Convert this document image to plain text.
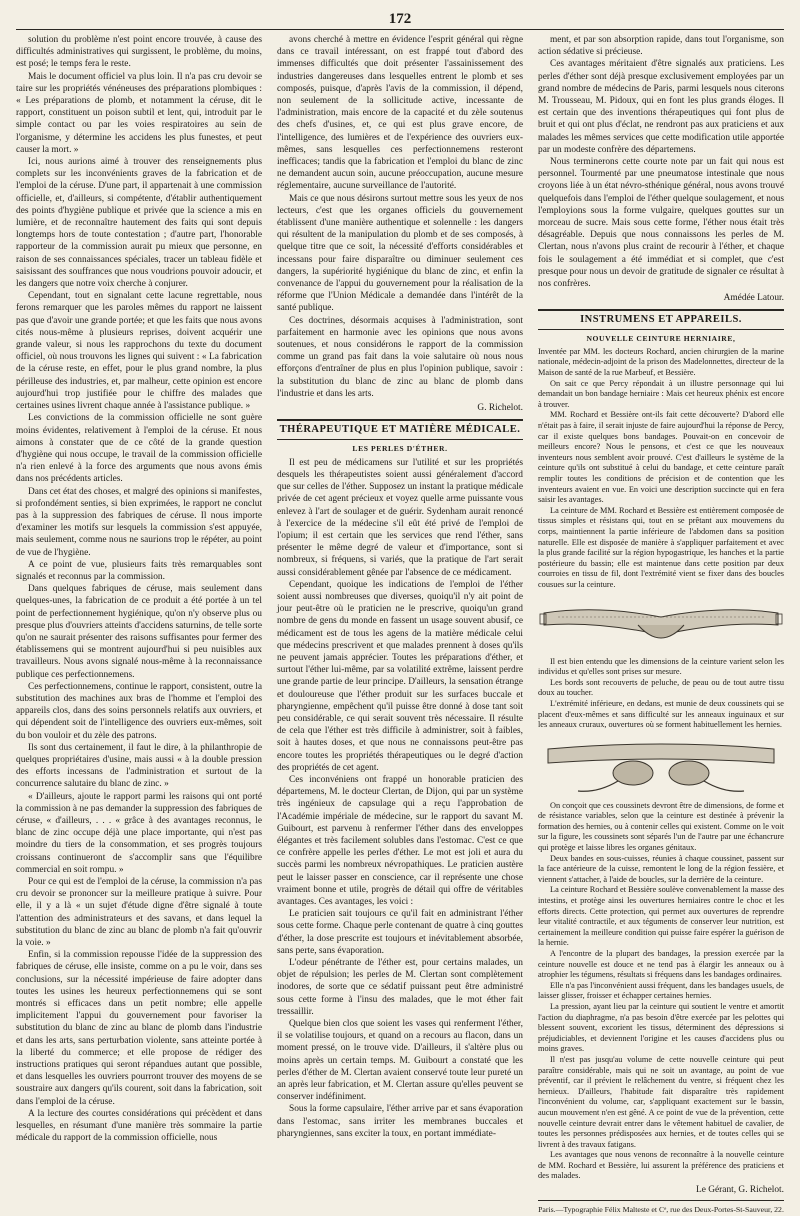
172

solution du problème n'est point encore trouvée, à cause des difficultés administratives qui surgissent, le problème, du moins, est posé; le temps fera le reste.

Mais le document officiel va plus loin. Il n'a pas cru devoir se taire sur les propriétés vénéneuses des préparations plombiques : « Les préparations de plomb, et notamment la céruse, dit le rapport, constituent un poison subtil et lent, qui, introduit par le simple contact ou par les voies respiratoires au sein de l'organisme, y détermine les accidens les plus funestes, et peut causer la mort. »

Ici, nous aurions aimé à trouver des renseignements plus complets sur les inconvénients graves de la fabrication et de l'emploi de la céruse. D'une part, il appartenait à une commission officielle, et, d'ailleurs, si compétente, d'établir authentiquement des points d'hygiène publique et privée que la science a mis en lumière, et de reconnaître hautement des faits qui sont depuis longtemps hors de toute contestation ; d'autre part, l'honorable rapporteur de la commission aurait pu mieux que personne, en raison de ses connaissances spéciales, tracer un tableau fidèle et saisissant des souffrances que nous voudrions pouvoir adoucir, et les dangers que notre voix cherche à conjurer.

Cependant, tout en signalant cette lacune regrettable, nous ferons remarquer que les paroles mêmes du rapport ne laissent pas que d'avoir une grande portée; et que les faits que nous avons cités nous-même à plusieurs reprises, doivent acquérir une grande valeur, si nous les rapprochons du texte du document officiel, où nous trouvons les lignes qui suivent : « La fabrication de la céruse reste, en effet, pour le plus grand nombre, la plus périlleuse des industries, et, par malheur, cette opinion est encore aujourd'hui trop justifiée pour le chiffre des malades que certaines usines livrent chaque année à l'assistance publique. »

Les convictions de la commission officielle ne sont guère moins évidentes, relativement à l'emploi de la céruse. Et nous aimons à constater que de ce côté de la grande question d'hygiène qui nous occupe, le travail de la commission officielle n'a rien enlevé à la force des arguments que nous avons émis dans nos précédents articles.

Dans cet état des choses, et malgré des opinions si manifestes, si profondément senties, si bien exprimées, le rapport ne conclut pas à la suppression des fabriques de céruse. Il nous importe d'examiner les motifs sur lesquels la commission s'est appuyée, mais seulement, comme nous ne saurions trop le répéter, au point de vue de l'hygiène.

A ce point de vue, plusieurs faits très remarquables sont signalés et reconnus par la commission.

Dans quelques fabriques de céruse, mais seulement dans quelques-unes, la fabrication de ce produit a été portée à un tel point de perfectionnement hygiénique, qu'on n'y observe plus ou presque plus d'ouvriers atteints d'accidens saturnins, de telle sorte qu'on ne saurait présenter des raisons suffisantes pour fermer des établissemens qui se montrent aujourd'hui si peu nuisibles aux travailleurs. Nous avons signalé nous-même à la reconnaissance publique ces perfectionnemens.

Ces perfectionnemens, continue le rapport, consistent, outre la substitution des machines aux bras de l'homme et l'emploi des appareils clos, dans des soins personnels relatifs aux ouvriers, et qui dépendent soit de l'intelligence des ouvriers eux-mêmes, soit du bon vouloir et du zèle des patrons.

Ils sont dus certainement, il faut le dire, à la philanthropie de quelques propriétaires d'usine, mais aussi « à la double pression des efforts incessans de l'administration et surtout de la concurrence salutaire du blanc de zinc. »

« D'ailleurs, ajoute le rapport parmi les raisons qui ont porté la commission à ne pas demander la suppression des fabriques de céruse, « d'ailleurs, . . . « grâce à des avantages reconnus, le blanc de zinc occupe déjà une place importante, qui n'est pas moindre du tiers de la consommation, et ses progrès toujours croissans continueront de s'accomplir sans que l'équilibre commercial en soit rompu. »

Pour ce qui est de l'emploi de la céruse, la commission n'a pas cru devoir se prononcer sur la meilleure pratique à suivre. Pour elle, il y a là « un sujet d'étude digne d'être signalé à toute l'attention des administrateurs et des savans, et dans lequel la substitution du blanc de zinc au blanc de plomb n'a fait qu'ouvrir la voie. »

Enfin, si la commission repousse l'idée de la suppression des fabriques de céruse, elle insiste, comme on a pu le voir, dans ses conclusions, sur la nécessité impérieuse de faire adopter dans toutes les usines les heureux perfectionnemens qui se sont montrés si efficaces dans un petit nombre; elle appelle implicitement l'appui du gouvernement pour favoriser la substitution du blanc de zinc au blanc de plomb dans l'industrie et dans les arts, sans perturbation violente, sans atteinte portée à la liberté du commerce; et elle propose de rédiger des instructions pratiques qui seront répandues autant que possible, et dans lesquelles les ouvriers pourront trouver des moyens de se soustraire aux dangers qu'ils courent, soit dans la fabrication, soit dans l'emploi de la céruse.

A la lecture des courtes considérations qui précèdent et dans lesquelles, en résumant d'une manière très sommaire la partie médicale du rapport de la commission officielle, nous

avons cherché à mettre en évidence l'esprit général qui règne dans ce travail intéressant, on est frappé tout d'abord des immenses difficultés que doit présenter l'assainissement des industries dangereuses dans lesquelles entrent le plomb et ses composés, puisque, d'après l'avis de la commission, il dépend, non seulement de la sollicitude active, incessante de l'administration, mais encore de la capacité et du zèle soutenus des chefs d'usines, et, ce qui est plus grave encore, de l'intelligence, des lumières et de l'expérience des ouvriers eux-mêmes, sans lesquelles ces perfectionnemens resteront inefficaces; tandis que la fabrication et l'emploi du blanc de zinc ne demandent aucun soin, aucune préoccupation, aucune mesure réglementaire, aucune surveillance de l'autorité.

Mais ce que nous désirons surtout mettre sous les yeux de nos lecteurs, c'est que les organes officiels du gouvernement établissent d'une manière authentique et solennelle : les dangers qui résultent de la manipulation du plomb et de ses composés, à quelque titre que ce soit, la nécessité d'efforts considérables et incessans pour faire disparaître ou diminuer seulement ces dangers, la supériorité hygiénique du blanc de zinc, et enfin la convenance de l'appui du gouvernement pour la réalisation de la réforme que l'Union Médicale a demandée dans l'intérêt de la santé publique.

Ces doctrines, désormais acquises à l'administration, sont parfaitement en harmonie avec les opinions que nous avons soutenues, et nous considérons le rapport de la commission comme un grand pas fait dans la voie salutaire où nous nous efforçons d'entraîner de plus en plus l'opinion publique, savoir : la substitution du blanc de zinc au blanc de plomb dans l'industrie et dans les arts.

G. Richelot.
THÉRAPEUTIQUE ET MATIÈRE MÉDICALE.
LES PERLES D'ÉTHER.

Il est peu de médicamens sur l'utilité et sur les propriétés desquels les thérapeutistes soient aussi généralement d'accord que sur celles de l'éther. Supposez un instant la pratique médicale privée de cet agent précieux et voyez quelle arme puissante vous enlevez à l'art de soulager et de guérir. Sydenham aurait renoncé à l'exercice de la médecine s'il eût été privé de l'emploi de l'opium; il est certain que les services que rend l'éther, sans présenter le même degré de valeur et d'importance, sont si nombreux, si fréquens, si variés, que la pratique de l'art serait aussi considérablement gênée par l'absence de ce médicament.

Cependant, quoique les indications de l'emploi de l'éther soient aussi nombreuses que diverses, quoiqu'il n'y ait point de jour peut-être où le praticien ne le prescrive, quoiqu'un grand nombre de gens du monde en fassent un usage souvent abusif, ce médicament est de tous les agens de la matière médicale celui que médecins prescrivent et que malades prennent à doses qu'ils ne peuvent jamais apprécier. Toutes les préparations d'éther, et surtout l'éther lui-même, par sa volatilité extrême, laissent perdre une grande partie de leur principe. D'ailleurs, la sensation étrange et douloureuse que l'éther produit sur les surfaces buccale et pharyngienne, empêchent qu'il puisse être donné à dose tant soit peu considérable, ce qui serait souvent très nécessaire. Il résulte de cela que l'éther est très difficile à administrer, soit à faibles, soit à hautes doses, et que nous ne connaissons peut-être pas encore toutes les propriétés thérapeutiques ou le degré d'action des propriétés de cet agent.

Ces inconvéniens ont frappé un honorable praticien des départemens, M. le docteur Clertan, de Dijon, qui par un système très ingénieux de capsulage qui a reçu l'approbation de l'Académie impériale de médecine, sur le rapport du savant M. Guibourt, est parvenu à renfermer l'éther dans des enveloppes élégantes et très facilement solubles dans l'estomac. C'est ce que ce confrère appelle les perles d'éther. Le mot est joli et aura du succès parmi les nombreux névropathiques. Le praticien austère peut le laisser passer en conscience, car il représente une chose vraiment bonne et utile, progrès de détail qui offre de véritables avantages. Ces avantages, les voici :

Le praticien sait toujours ce qu'il fait en administrant l'éther sous cette forme. Chaque perle contenant de quatre à cinq gouttes d'éther, la dose prescrite est toujours et inévitablement absorbée, sans perte, sans évaporation.

L'odeur pénétrante de l'éther est, pour certains malades, un objet de répulsion; les perles de M. Clertan sont complètement inodores, de sorte que ce sédatif puissant peut être administré sous cette forme à l'insu des malades, que le mot éther fait tressaillir.

Quelque bien clos que soient les vases qui renferment l'éther, il se volatilise toujours, et quand on a recours au flacon, dans un moment pressé, on le trouve vide. D'ailleurs, il s'altère plus ou moins après un certain temps. M. Guibourt a constaté que les perles d'éther de M. Clertan avaient conservé toute leur pureté un an après leur fabrication, et M. Clertan assure qu'elles peuvent se conserver indéfiniment.

Sous la forme capsulaire, l'éther arrive par et sans évaporation dans l'estomac, sans irriter les membranes buccales et pharyngiennes, sans exciter la toux, en portant immédiate-

ment, et par son absorption rapide, dans tout l'organisme, son action sédative si précieuse.

Ces avantages méritaient d'être signalés aux praticiens. Les perles d'éther sont déjà presque exclusivement employées par un grand nombre de médecins de Paris, parmi lesquels nous citerons M. Trousseau, M. Pidoux, qui en font les plus grands éloges. Il est certain que des inventions thérapeutiques qui font plus de bruit et qui ont plus d'éclat, ne rendront pas aux praticiens et aux malades les mêmes services que cette modification utile apportée par un modeste confrère des départemens.

Nous terminerons cette courte note par un fait qui nous est personnel. Tourmenté par une pneumatose intestinale que nous croyons liée à un état névro-sthénique général, nous avons trouvé quelquefois dans l'emploi de l'éther quelque soulagement, et nous l'employions sous la forme vulgaire, quelques gouttes sur un morceau de sucre. Mais sous cette forme, l'éther nous était très désagréable. Depuis que nous connaissons les perles de M. Clertan, nous n'avons plus craint de recourir à l'éther, et chaque fois le soulagement a été immédiat et si complet, que c'est presque pour nous un devoir de gratitude de signaler ce résultat à nos confrères.

Amédée Latour.
INSTRUMENS ET APPAREILS.
NOUVELLE CEINTURE HERNIAIRE,

Inventée par MM. les docteurs Rochard, ancien chirurgien de la marine nationale, médecin-adjoint de la prison des Madelonnettes, directeur de la Maison de santé de la rue Marbeuf, et Bessière.

On sait ce que Percy répondait à un illustre personnage qui lui demandait un bon bandage herniaire : Mais cet heureux phénix est encore à trouver.

MM. Rochard et Bessière ont-ils fait cette découverte? D'abord elle n'était pas à faire, il serait injuste de faire aujourd'hui la réponse de Percy, car il existe quelques bons bandages. Pouvait-on en concevoir de meilleurs encore? Nous le pensons, et c'est ce que les nouveaux inventeurs nous semblent avoir prouvé. C'est d'ailleurs le système de la ceinture qu'ils ont substitué à celui du bandage, et cette ceinture paraît remplir toutes les conditions de précision et de contention que les inventeurs avaient en vue. En voici une description succincte qui en fera saisir les avantages.

La ceinture de MM. Rochard et Bessière est entièrement composée de tissus simples et résistans qui, tout en se prêtant aux mouvemens du corps, maintiennent la partie inférieure de l'abdomen dans sa position naturelle. Elle est disposée de manière à s'appliquer parfaitement et avec la plus grande facilité sur la région hypogastrique, les hanches et la partie postérieure du bassin; elle est maintenue dans cette position par deux courroies en tissu de fil, dont l'extrémité vient se fixer dans des boucles cousues sur la ceinture.

Il est bien entendu que les dimensions de la ceinture varient selon les individus et qu'elles sont prises sur mesure.

Les bords sont recouverts de peluche, de peau ou de tout autre tissu doux au toucher.

L'extrémité inférieure, en dedans, est munie de deux coussinets qui se placent d'eux-mêmes et sans difficulté sur les anneaux inguinaux et sur les anneaux cruraux, ouvertures où se forment habituellement les hernies.

On conçoit que ces coussinets devront être de dimensions, de forme et de résistance variables, selon que la ceinture est destinée à prévenir la formation des hernies, ou à contenir celles qui existent. Comme on le voit sur la figure, les coussinets sont séparés l'un de l'autre par une échancrure qui protège et laisse libres les organes génitaux.

Deux bandes en sous-cuisses, réunies à chaque coussinet, passent sur la face antérieure de la cuisse, remontent le long de la région fessière, et viennent s'attacher, à l'aide de boucles, sur la derrière de la ceinture.

La ceinture Rochard et Bessière soulève convenablement la masse des intestins, et protège ainsi les ouvertures herniaires contre le choc et les efforts directs. Cette protection, qui permet aux ouvertures de reprendre leur vitalité contractile, et aux téguments de conserver leur nutrition, est certainement la meilleure condition qui puisse faire espérer la guérison de la hernie.

A l'encontre de la plupart des bandages, la pression exercée par la ceinture nouvelle est douce et ne tend pas à élargir les anneaux ou à atrophier les tégumens, résultats si fréquens dans les bandages ordinaires.

Elle n'a pas l'inconvénient aussi fréquent, dans les bandages usuels, de laisser glisser, froisser et échapper certaines hernies.

La pression, ayant lieu par la ceinture qui soutient le ventre et amortit l'action du diaphragme, n'a pas besoin d'être exercée par les pelottes qui blessent souvent, excorient les tissus, déterminent des dépressions si préjudiciables, et deviennent l'origine et les causes d'accidens plus ou moins graves.

Il n'est pas jusqu'au volume de cette nouvelle ceinture qui peut paraître considérable, mais qui ne soit un avantage, au point de vue préventif, car il prévient le relâchement du ventre, si fréquent chez les hernieux. D'ailleurs, l'habitude fait disparaître très rapidement l'inconvénient du volume, car, s'appliquant exactement sur le bassin, aucun mouvement n'en est gêné. A ce point de vue de la prévention, cette nouvelle ceinture devrait entrer dans le vêtement habituel de cavalier, de toutes les personnes prédisposées aux hernies, et de toutes celles qui se livrent à des travaux fatigans.

Les avantages que nous venons de reconnaître à la nouvelle ceinture de MM. Rochard et Bessière, lui assurent la préférence des praticiens et des malades.

Le Gérant, G. Richelot.
Paris.—Typographie Félix Malteste et Cᵉ, rue des Deux-Portes-St-Sauveur, 22.
